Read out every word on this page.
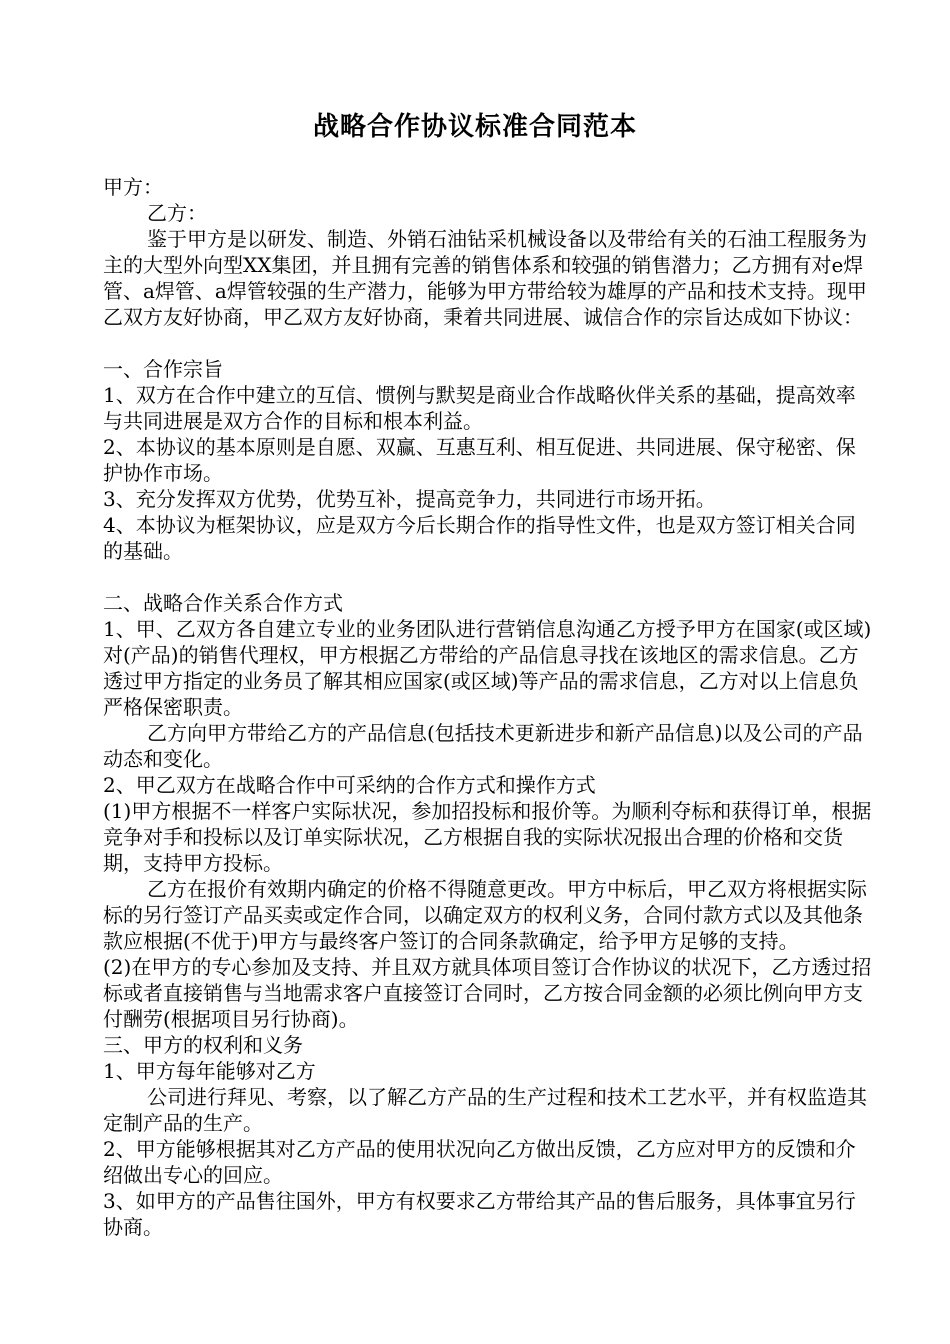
战略合作协议标准合同范本

甲方：

乙方：

鉴于甲方是以研发、制造、外销石油钻采机械设备以及带给有关的石油工程服务为主的大型外向型XX集团，并且拥有完善的销售体系和较强的销售潜力；乙方拥有对e焊管、a焊管、a焊管较强的生产潜力，能够为甲方带给较为雄厚的产品和技术支持。现甲乙双方友好协商，甲乙双方友好协商，秉着共同进展、诚信合作的宗旨达成如下协议：

一、合作宗旨

1、双方在合作中建立的互信、惯例与默契是商业合作战略伙伴关系的基础，提高效率与共同进展是双方合作的目标和根本利益。

2、本协议的基本原则是自愿、双赢、互惠互利、相互促进、共同进展、保守秘密、保护协作市场。

3、充分发挥双方优势，优势互补，提高竞争力，共同进行市场开拓。

4、本协议为框架协议，应是双方今后长期合作的指导性文件，也是双方签订相关合同的基础。

二、战略合作关系合作方式

1、甲、乙双方各自建立专业的业务团队进行营销信息沟通乙方授予甲方在国家(或区域)对(产品)的销售代理权，甲方根据乙方带给的产品信息寻找在该地区的需求信息。乙方透过甲方指定的业务员了解其相应国家(或区域)等产品的需求信息，乙方对以上信息负严格保密职责。

乙方向甲方带给乙方的产品信息(包括技术更新进步和新产品信息)以及公司的产品动态和变化。

2、甲乙双方在战略合作中可采纳的合作方式和操作方式

(1)甲方根据不一样客户实际状况，参加招投标和报价等。为顺利夺标和获得订单，根据竞争对手和投标以及订单实际状况，乙方根据自我的实际状况报出合理的价格和交货期，支持甲方投标。

乙方在报价有效期内确定的价格不得随意更改。甲方中标后，甲乙双方将根据实际标的另行签订产品买卖或定作合同，以确定双方的权利义务，合同付款方式以及其他条款应根据(不优于)甲方与最终客户签订的合同条款确定，给予甲方足够的支持。

(2)在甲方的专心参加及支持、并且双方就具体项目签订合作协议的状况下，乙方透过招标或者直接销售与当地需求客户直接签订合同时，乙方按合同金额的必须比例向甲方支付酬劳(根据项目另行协商)。

三、甲方的权利和义务

1、甲方每年能够对乙方

公司进行拜见、考察，以了解乙方产品的生产过程和技术工艺水平，并有权监造其定制产品的生产。

2、甲方能够根据其对乙方产品的使用状况向乙方做出反馈，乙方应对甲方的反馈和介绍做出专心的回应。

3、如甲方的产品售往国外，甲方有权要求乙方带给其产品的售后服务，具体事宜另行协商。
